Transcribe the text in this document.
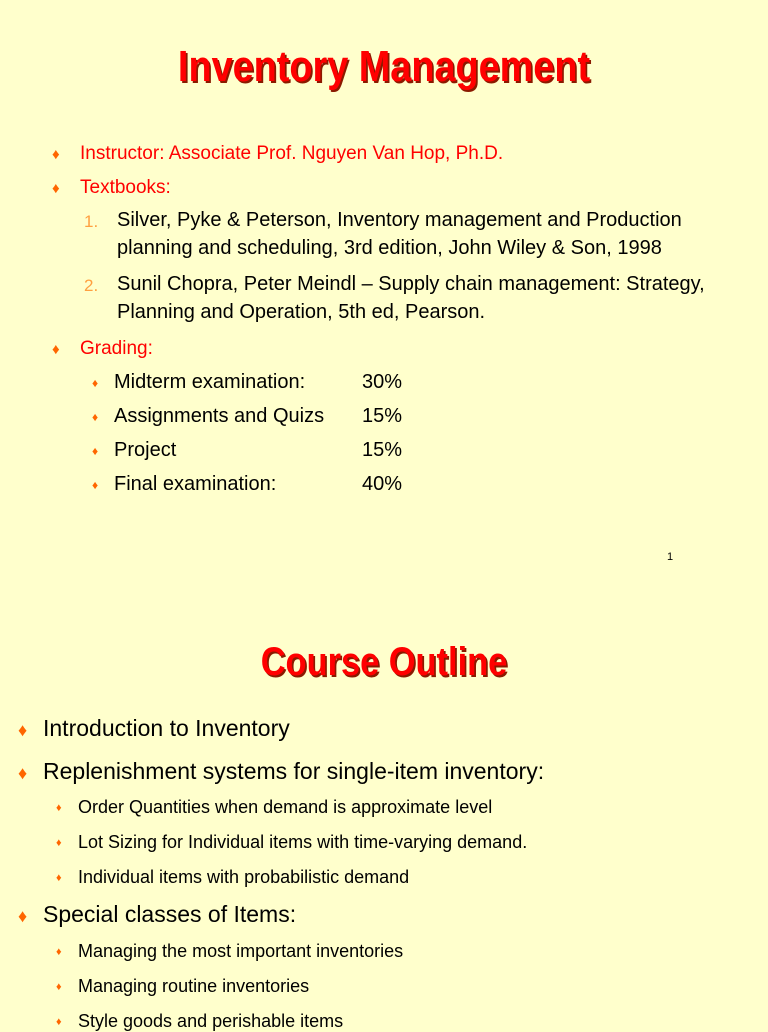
Inventory Management
♦ Instructor: Associate Prof. Nguyen Van Hop, Ph.D.
♦ Textbooks:
1. Silver, Pyke & Peterson, Inventory management and Production
planning and scheduling, 3rd edition, John Wiley & Son, 1998
2. Sunil Chopra, Peter Meindl – Supply chain management: Strategy,
Planning and Operation, 5th ed, Pearson.
♦ Grading:
♦ Midterm examination:	30%
♦ Assignments and Quizs 15%
♦ Project	15%
♦ Final examination:	40%
1
Course Outline
♦ Introduction to Inventory
♦ Replenishment systems for single-item inventory:
♦ Order Quantities when demand is approximate level
♦ Lot Sizing for Individual items with time-varying demand.
♦ Individual items with probabilistic demand
♦ Special classes of Items:
♦ Managing the most important inventories
♦ Managing routine inventories
♦ Style goods and perishable items
